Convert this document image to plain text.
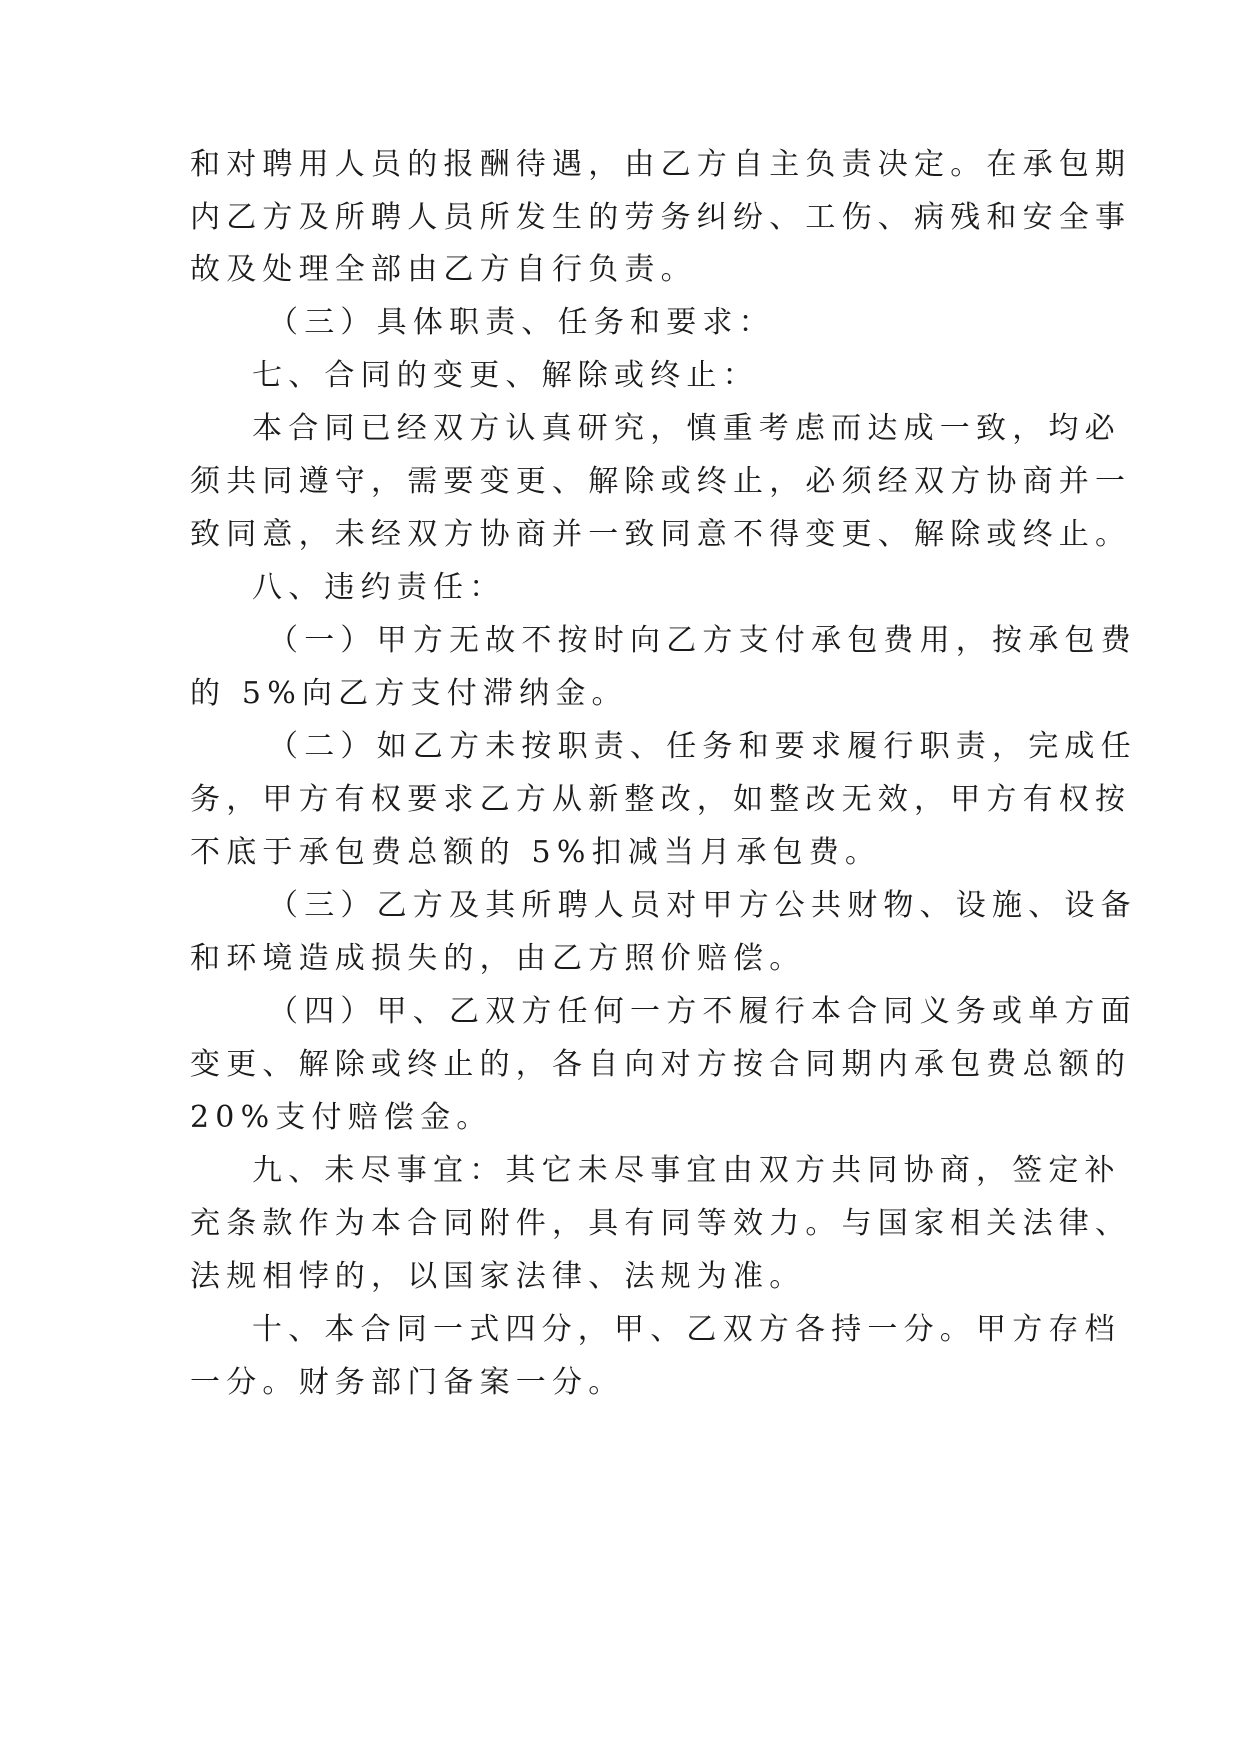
和对聘用人员的报酬待遇，由乙方自主负责决定。在承包期
内乙方及所聘人员所发生的劳务纠纷、工伤、病残和安全事
故及处理全部由乙方自行负责。
（三）具体职责、任务和要求：
七、合同的变更、解除或终止：
本合同已经双方认真研究，慎重考虑而达成一致，均必
须共同遵守，需要变更、解除或终止，必须经双方协商并一
致同意，未经双方协商并一致同意不得变更、解除或终止。
八、违约责任：
（一）甲方无故不按时向乙方支付承包费用，按承包费
的 5%向乙方支付滞纳金。
（二）如乙方未按职责、任务和要求履行职责，完成任
务，甲方有权要求乙方从新整改，如整改无效，甲方有权按
不底于承包费总额的 5%扣减当月承包费。
（三）乙方及其所聘人员对甲方公共财物、设施、设备
和环境造成损失的，由乙方照价赔偿。
（四）甲、乙双方任何一方不履行本合同义务或单方面
变更、解除或终止的，各自向对方按合同期内承包费总额的
20%支付赔偿金。
九、未尽事宜：其它未尽事宜由双方共同协商，签定补
充条款作为本合同附件，具有同等效力。与国家相关法律、
法规相悖的，以国家法律、法规为准。
十、本合同一式四分，甲、乙双方各持一分。甲方存档
一分。财务部门备案一分。
